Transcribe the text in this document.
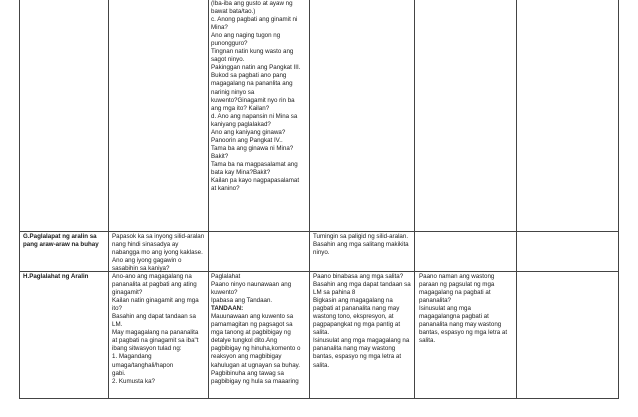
(Iba-iba ang gusto at ayaw ng
bawat bata/tao.)
c. Anong pagbati ang ginamit ni
Mina?
Ano ang naging tugon ng
punongguro?
Tingnan natin kung wasto ang
sagot ninyo.
Pakinggan natin ang Pangkat III.
Bukod sa pagbati ano pang
magagalang na pananlita ang
narinig ninyo sa
kuwento?Ginagamit nyo rin ba
ang mga ito? Kailan?
d. Ano ang napansin ni Mina sa
kaniyang paglalakad?
Ano ang kaniyang ginawa?
Panoorin ang Pangkat IV..
Tama ba ang ginawa ni Mina?
Bakit?
Tama ba na magpasalamat ang
bata kay Mina?Bakit?
Kailan pa kayo nagpapasalamat
at kanino?
G.Paglalapat ng aralin sa pang araw-araw na buhay
Papasok ka sa inyong silid-aralan
nang hindi sinasadya ay
nabangga mo ang iyong kaklase.
Ano ang iyong gagawin o
sasabihin sa kaniya?
Tumingin sa paligid ng silid-aralan.
Basahin ang mga salitang makikita
ninyo.
H.Paglalahat ng Aralin	Ano-ano ang magagalang na
pananalita at pagbati ang ating
ginagamit?
Kailan natin ginagamit ang mga
ito?
Basahin ang dapat tandaan sa
LM.
May magagalang na pananalita
at pagbati na ginagamit sa iba"t
ibang sitwasyon tulad ng:
1. Magandang
umaga/tanghali/hapon
gabi.
2. Kumusta ka?
Paglalahat
Paano ninyo naunawaan ang
kuwento?
Ipabasa ang Tandaan.
TANDAAN:
Mauunawaan ang kuwento sa
pamamagitan ng pagsagot sa
mga tanong at pagbibigay ng
detalye tungkol dito.Ang
pagbibigay ng hinuha,komento o
reaksyon ang magbibigay
kahulugan at ugnayan sa buhay.
Pagbibinuha ang tawag sa
pagbibigay ng hula sa maaaring
Paano binabasa ang mga salita?
Basahin ang mga dapat tandaan sa
LM sa pahina 8
Bigkasin ang magagalang na
pagbati at pananalita nang may
wastong tono, ekspresyon, at
pagpapangkat ng mga pantig at
salita.
Isinusulat ang mga magagalang na
pananalita nang may wastong
bantas, espasyo ng mga letra at
salita.
Paano naman ang wastong
paraan ng pagsulat ng mga
magagalang na pagbati at
pananalita?
Isinusulat ang mga
magagalangna pagbati at
pananalita nang may wastong
bantas, espasyo ng mga letra at
salita.
